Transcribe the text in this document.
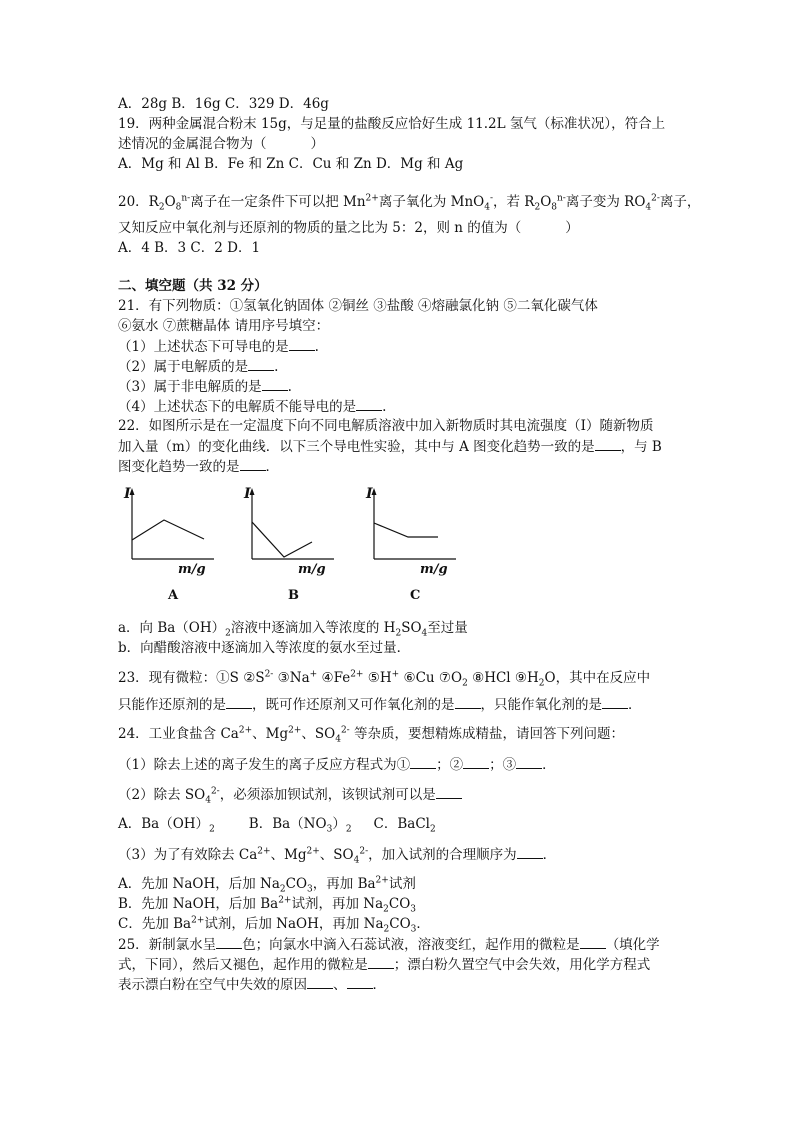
A．28g B．16g C．329 D．46g
19．两种金属混合粉末 15g，与足量的盐酸反应恰好生成 11.2L 氢气（标准状况），符合上
述情况的金属混合物为（	）
A．Mg 和 Al B．Fe 和 Zn C．Cu 和 Zn D．Mg 和 Ag
20．$R_2O_8^{n-}$离子在一定条件下可以把 $Mn^{2+}$离子氧化为 MnO$_4$-，若 $R_2O_8^{n-}$离子变为 $RO_4^{2-}$离子，
又知反应中氧化剂与还原剂的物质的量之比为 5：2，则 n 的值为（	）
A．4 B．3 C．2 D．1
二、填空题（共 32 分）
21．有下列物质：①氢氧化钠固体 ②铜丝 ③盐酸 ④熔融氯化钠 ⑤二氧化碳气体
⑥氨水 ⑦蔗糖晶体 请用序号填空：
（1）上述状态下可导电的是 .
（2）属于电解质的是 .
（3）属于非电解质的是 .
（4）上述状态下的电解质不能导电的是 .
22．如图所示是在一定温度下向不同电解质溶液中加入新物质时其电流强度（I）随新物质
加入量（m）的变化曲线．以下三个导电性实验，其中与 A 图变化趋势一致的是 ，与 B
图变化趋势一致的是 ．
I
m/g
A
I
m/g
B
I
m/g
C
a．向 $Ba(OH)_2$溶液中逐滴加入等浓度的 $H_2SO_4$至过量
b．向醋酸溶液中逐滴加入等浓度的氨水至过量．
23．现有微粒：①S $②S^{2-}$ ③Na+ $④Fe^{2+}$ ⑤H+ ⑥Cu $⑦O_2$ ⑧HCl $⑨H_2O$，其中在反应中
只能作还原剂的是 ，既可作还原剂又可作氧化剂的是 ，只能作氧化剂的是 ．
24．工业食盐含 $Ca^{2+}$、$Mg^{2+}$、$SO_4^{2-}$ 等杂质，要想精炼成精盐，请回答下列问题：
（1）除去上述的离子发生的离子反应方程式为① ；② ；③ ．
（2）除去 $SO_4^{2-}$，必须添加钡试剂，该钡试剂可以是
A．$Ba(OH)_2$	B．$Ba(NO_3)_2$ C．BaCl$_2$
（3）为了有效除去 $Ca^{2+}$、$Mg^{2+}$、$SO_4^{2-}$，加入试剂的合理顺序为 ．
A．先加 NaOH，后加 $Na_2CO_3$，再加 $Ba^{2+}$试剂
B．先加 NaOH，后加 $Ba^{2+}$试剂，再加 $Na_2CO_3$
C．先加 $Ba^{2+}$试剂，后加 NaOH，再加 $Na_2CO_3$．
25．新制氯水呈 色；向氯水中滴入石蕊试液，溶液变红，起作用的微粒是 （填化学
式，下同），然后又褪色，起作用的微粒是 ；漂白粉久置空气中会失效，用化学方程式
表示漂白粉在空气中失效的原因 、 ．
